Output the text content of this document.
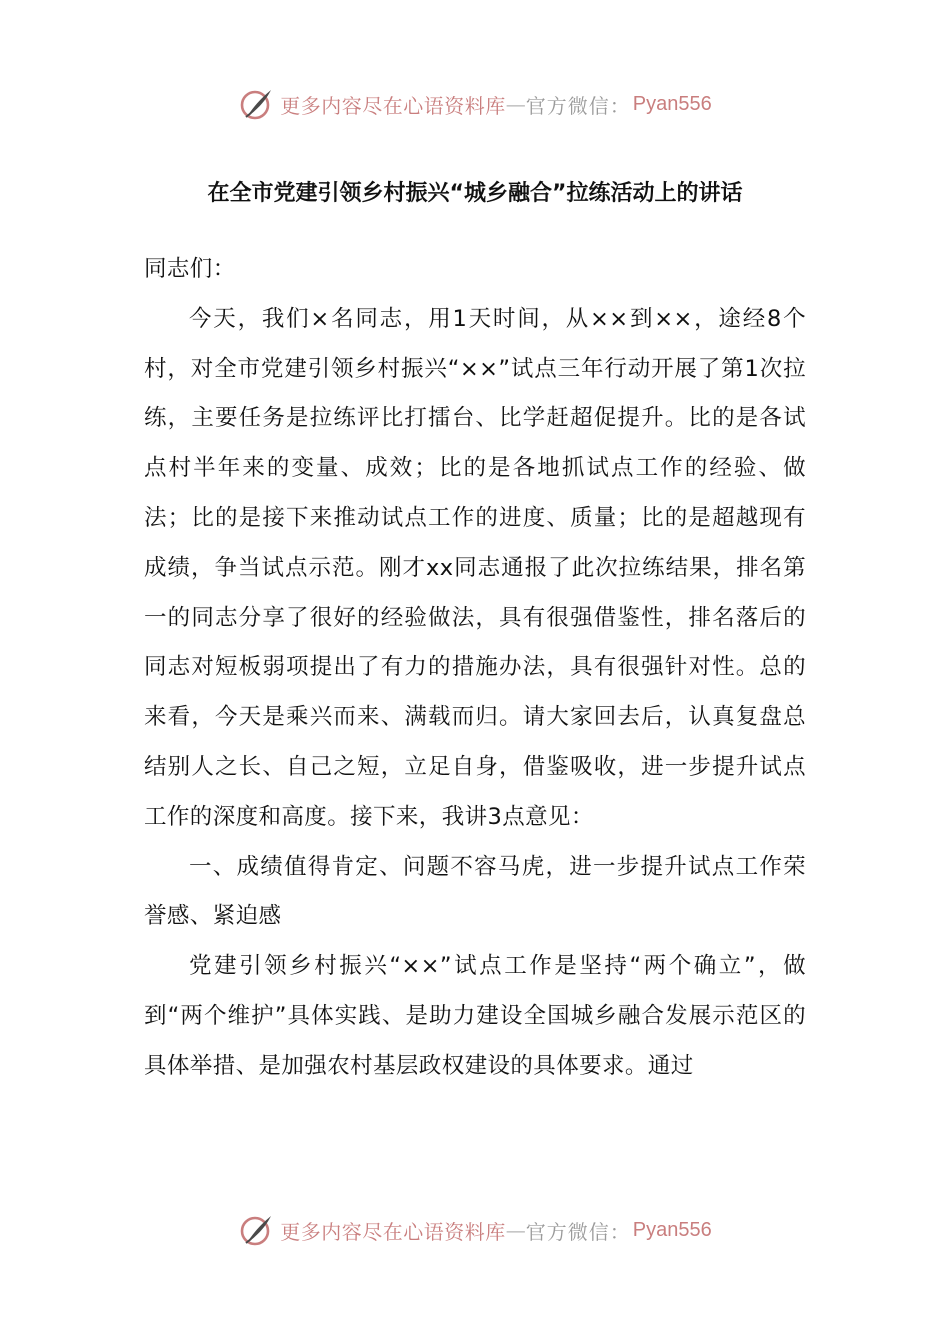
更多内容尽在心语资料库 — 官方微信： Pyan556
在全市党建引领乡村振兴“城乡融合”拉练活动上的讲话

同志们：

今天，我们×名同志，用1天时间，从××到××，途经8个村，对全市党建引领乡村振兴“××”试点三年行动开展了第1次拉练，主要任务是拉练评比打擂台、比学赶超促提升。比的是各试点村半年来的变量、成效；比的是各地抓试点工作的经验、做法；比的是接下来推动试点工作的进度、质量；比的是超越现有成绩，争当试点示范。刚才xx同志通报了此次拉练结果，排名第一的同志分享了很好的经验做法，具有很强借鉴性，排名落后的同志对短板弱项提出了有力的措施办法，具有很强针对性。总的来看，今天是乘兴而来、满载而归。请大家回去后，认真复盘总结别人之长、自己之短，立足自身，借鉴吸收，进一步提升试点工作的深度和高度。接下来，我讲3点意见：

一、成绩值得肯定、问题不容马虎，进一步提升试点工作荣誉感、紧迫感

党建引领乡村振兴“××”试点工作是坚持“两个确立”，做到“两个维护”具体实践、是助力建设全国城乡融合发展示范区的具体举措、是加强农村基层政权建设的具体要求。通过

更多内容尽在心语资料库 — 官方微信： Pyan556
